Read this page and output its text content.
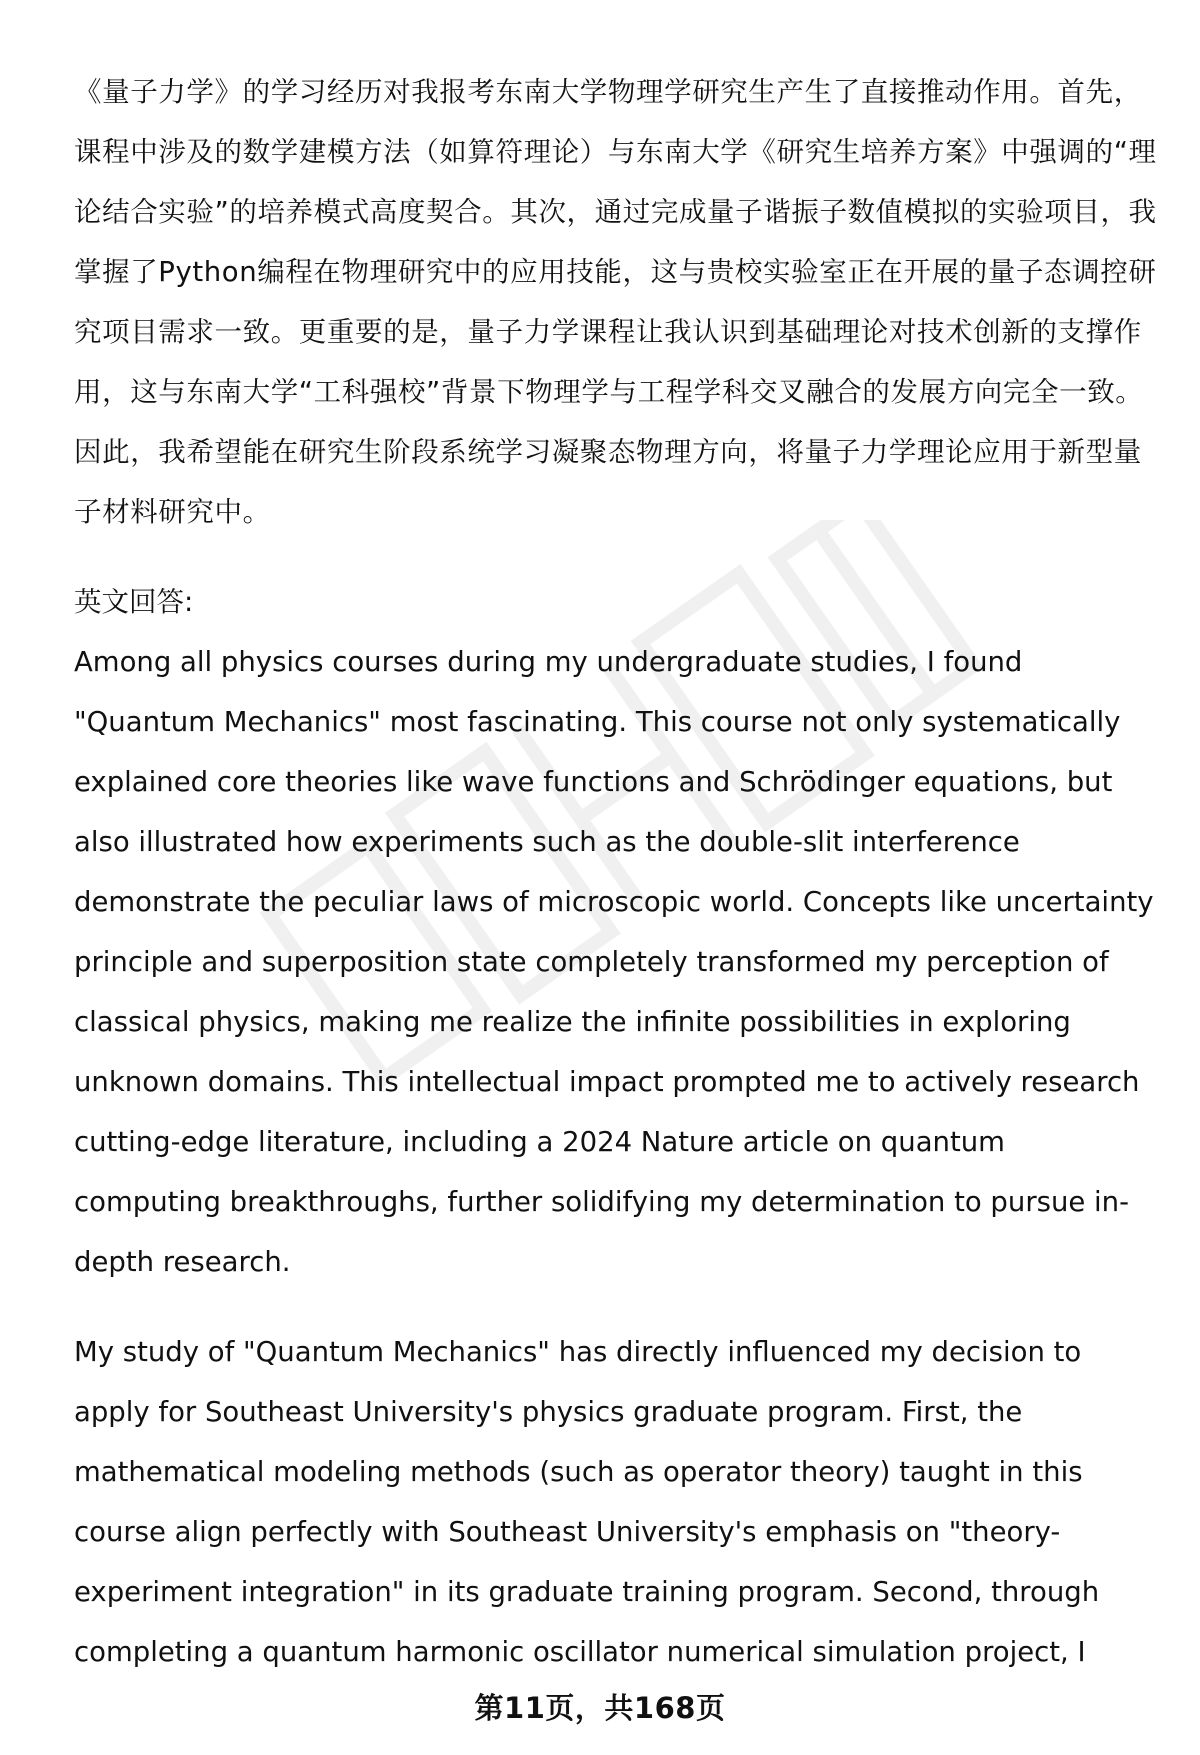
《量子力学》的学习经历对我报考东南大学物理学研究生产生了直接推动作用。首先，课程中涉及的数学建模方法（如算符理论）与东南大学《研究生培养方案》中强调的“理论结合实验”的培养模式高度契合。其次，通过完成量子谐振子数值模拟的实验项目，我掌握了Python编程在物理研究中的应用技能，这与贵校实验室正在开展的量子态调控研究项目需求一致。更重要的是，量子力学课程让我认识到基础理论对技术创新的支撑作用，这与东南大学“工科强校”背景下物理学与工程学科交叉融合的发展方向完全一致。因此，我希望能在研究生阶段系统学习凝聚态物理方向，将量子力学理论应用于新型量子材料研究中。

英文回答:

Among all physics courses during my undergraduate studies, I found "Quantum Mechanics" most fascinating. This course not only systematically explained core theories like wave functions and Schrödinger equations, but also illustrated how experiments such as the double-slit interference demonstrate the peculiar laws of microscopic world. Concepts like uncertainty principle and superposition state completely transformed my perception of classical physics, making me realize the infinite possibilities in exploring unknown domains. This intellectual impact prompted me to actively research cutting-edge literature, including a 2024 Nature article on quantum computing breakthroughs, further solidifying my determination to pursue in-depth research.

My study of "Quantum Mechanics" has directly influenced my decision to apply for Southeast University's physics graduate program. First, the mathematical modeling methods (such as operator theory) taught in this course align perfectly with Southeast University's emphasis on "theory-experiment integration" in its graduate training program. Second, through completing a quantum harmonic oscillator numerical simulation project, I

第11页，共168页
